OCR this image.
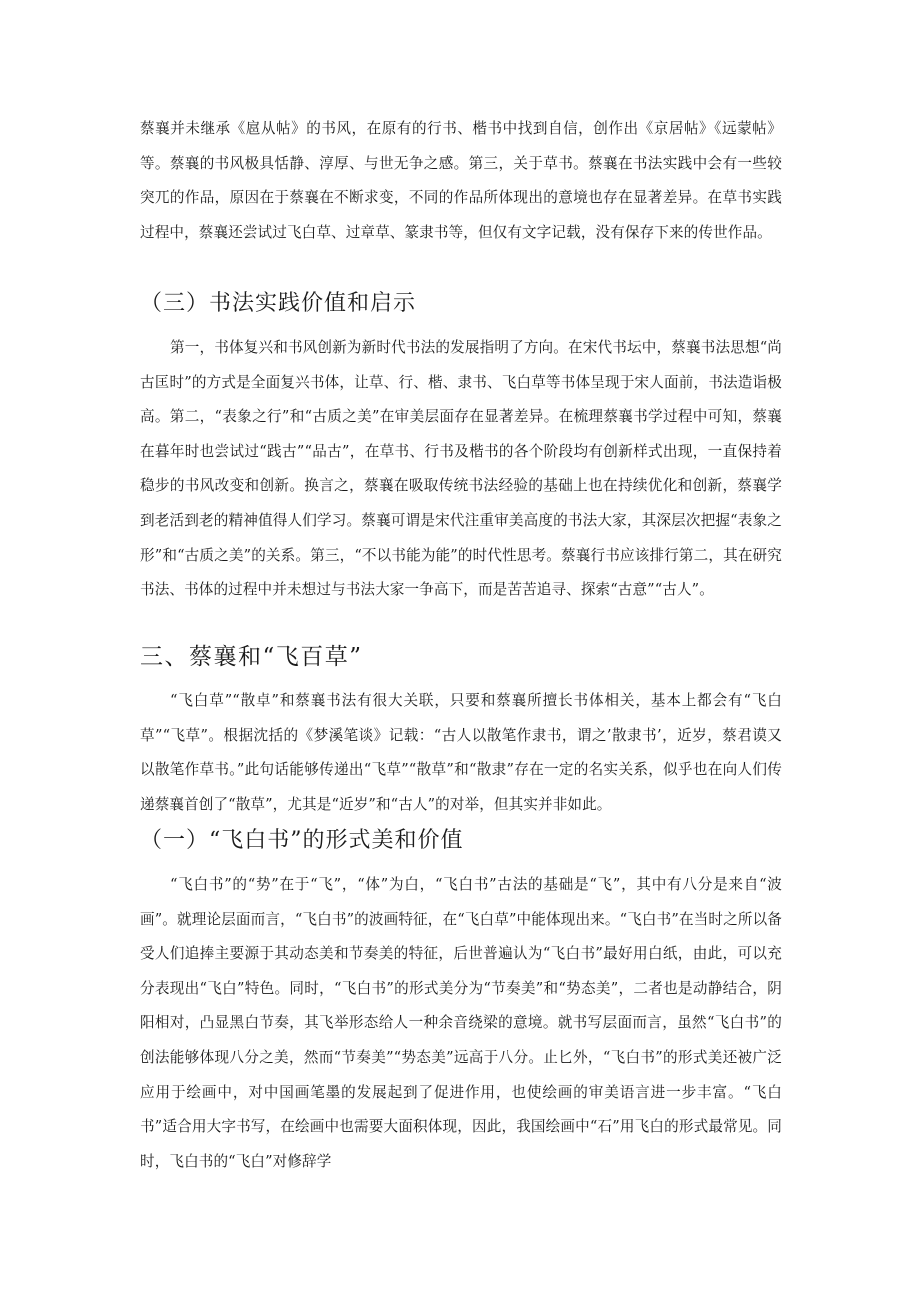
蔡襄并未继承《扈从帖》的书风，在原有的行书、楷书中找到自信，创作出《京居帖》《远蒙帖》等。蔡襄的书风极具恬静、淳厚、与世无争之感。第三，关于草书。蔡襄在书法实践中会有一些较突兀的作品，原因在于蔡襄在不断求变，不同的作品所体现出的意境也存在显著差异。在草书实践过程中，蔡襄还尝试过飞白草、过章草、篆隶书等，但仅有文字记载，没有保存下来的传世作品。

（三）书法实践价值和启示

第一，书体复兴和书风创新为新时代书法的发展指明了方向。在宋代书坛中，蔡襄书法思想“尚古匡时”的方式是全面复兴书体，让草、行、楷、隶书、飞白草等书体呈现于宋人面前，书法造诣极高。第二，“表象之行”和“古质之美”在审美层面存在显著差异。在梳理蔡襄书学过程中可知，蔡襄在暮年时也尝试过“践古”“品古”，在草书、行书及楷书的各个阶段均有创新样式出现，一直保持着稳步的书风改变和创新。换言之，蔡襄在吸取传统书法经验的基础上也在持续优化和创新，蔡襄学到老活到老的精神值得人们学习。蔡襄可谓是宋代注重审美高度的书法大家，其深层次把握“表象之形”和“古质之美”的关系。第三，“不以书能为能”的时代性思考。蔡襄行书应该排行第二，其在研究书法、书体的过程中并未想过与书法大家一争高下，而是苦苦追寻、探索“古意”“古人”。

三、蔡襄和“飞百草”

“飞白草”“散卓”和蔡襄书法有很大关联，只要和蔡襄所擅长书体相关，基本上都会有“飞白草”“飞草”。根据沈括的《梦溪笔谈》记载：“古人以散笔作隶书，谓之’散隶书’，近岁，蔡君谟又以散笔作草书。”此句话能够传递出“飞草”“散草”和“散隶”存在一定的名实关系，似乎也在向人们传递蔡襄首创了“散草”，尤其是“近岁”和“古人”的对举，但其实并非如此。

（一）“飞白书”的形式美和价值

“飞白书”的“势”在于“飞”，“体”为白，“飞白书”古法的基础是“飞”，其中有八分是来自“波画”。就理论层面而言，“飞白书”的波画特征，在“飞白草”中能体现出来。“飞白书”在当时之所以备受人们追捧主要源于其动态美和节奏美的特征，后世普遍认为“飞白书”最好用白纸，由此，可以充分表现出“飞白”特色。同时，“飞白书”的形式美分为“节奏美”和“势态美”，二者也是动静结合，阴阳相对，凸显黑白节奏，其飞举形态给人一种余音绕梁的意境。就书写层面而言，虽然“飞白书”的创法能够体现八分之美，然而“节奏美”“势态美”远高于八分。止匕外，“飞白书”的形式美还被广泛应用于绘画中，对中国画笔墨的发展起到了促进作用，也使绘画的审美语言进一步丰富。“飞白书”适合用大字书写，在绘画中也需要大面积体现，因此，我国绘画中“石”用飞白的形式最常见。同时，飞白书的“飞白”对修辞学
